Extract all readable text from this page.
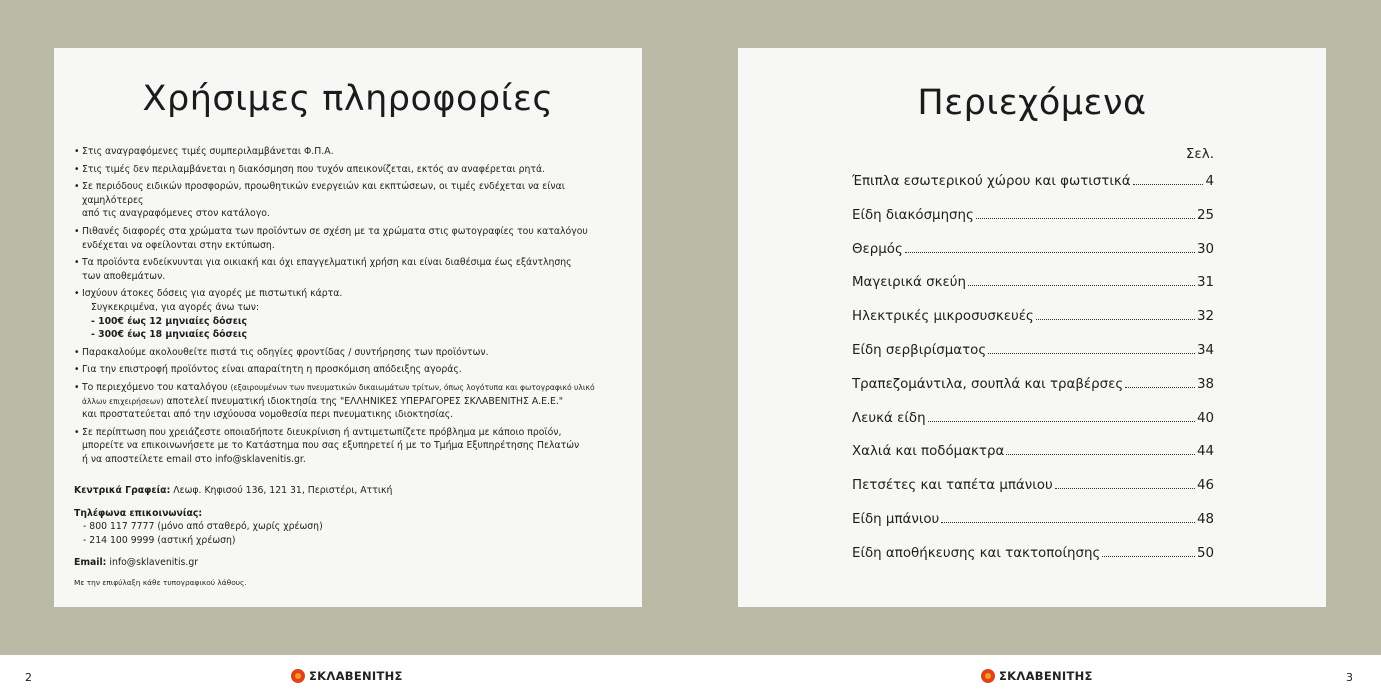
Χρήσιμες πληροφορίες

• Στις αναγραφόμενες τιμές συμπεριλαμβάνεται Φ.Π.Α.

• Στις τιμές δεν περιλαμβάνεται η διακόσμηση που τυχόν απεικονίζεται, εκτός αν αναφέρεται ρητά.

• Σε περιόδους ειδικών προσφορών, προωθητικών ενεργειών και εκπτώσεων, οι τιμές ενδέχεται να είναι χαμηλότερες

από τις αναγραφόμενες στον κατάλογο.

• Πιθανές διαφορές στα χρώματα των προϊόντων σε σχέση με τα χρώματα στις φωτογραφίες του καταλόγου

ενδέχεται να οφείλονται στην εκτύπωση.

• Τα προϊόντα ενδείκνυνται για οικιακή και όχι επαγγελματική χρήση και είναι διαθέσιμα έως εξάντλησης

των αποθεμάτων.

• Ισχύουν άτοκες δόσεις για αγορές με πιστωτική κάρτα.

Συγκεκριμένα, για αγορές άνω των:

- 100€ έως 12 μηνιαίες δόσεις

- 300€ έως 18 μηνιαίες δόσεις

• Παρακαλούμε ακολουθείτε πιστά τις οδηγίες φροντίδας / συντήρησης των προϊόντων.

• Για την επιστροφή προϊόντος είναι απαραίτητη η προσκόμιση απόδειξης αγοράς.

• Το περιεχόμενο του καταλόγου (εξαιρουμένων των πνευματικών δικαιωμάτων τρίτων, όπως λογότυπα και φωτογραφικό υλικό

άλλων επιχειρήσεων) αποτελεί πνευματική ιδιοκτησία της "ΕΛΛΗΝΙΚΕΣ ΥΠΕΡΑΓΟΡΕΣ ΣΚΛΑΒΕΝΙΤΗΣ Α.Ε.Ε."

και προστατεύεται από την ισχύουσα νομοθεσία περι πνευματικης ιδιοκτησίας.

• Σε περίπτωση που χρειάζεστε οποιαδήποτε διευκρίνιση ή αντιμετωπίζετε πρόβλημα με κάποιο προϊόν,

μπορείτε να επικοινωνήσετε με το Κατάστημα που σας εξυπηρετεί ή με το Τμήμα Εξυπηρέτησης Πελατών

ή να αποστείλετε email στο info@sklavenitis.gr.

Κεντρικά Γραφεία: Λεωφ. Κηφισού 136, 121 31, Περιστέρι, Αττική

Τηλέφωνα επικοινωνίας:

- 800 117 7777 (μόνο από σταθερό, χωρίς χρέωση)

- 214 100 9999 (αστική χρέωση)

Email: info@sklavenitis.gr

Με την επιφύλαξη κάθε τυπογραφικού λάθους.
Περιεχόμενα
Σελ.
Έπιπλα εσωτερικού χώρου και φωτιστικά	4
Είδη διακόσμησης	25
Θερμός	30
Μαγειρικά σκεύη	31
Ηλεκτρικές μικροσυσκευές	32
Είδη σερβιρίσματος	34
Τραπεζομάντιλα, σουπλά και τραβέρσες	38
Λευκά είδη	40
Χαλιά και ποδόμακτρα	44
Πετσέτες και ταπέτα μπάνιου	46
Είδη μπάνιου	48
Είδη αποθήκευσης και τακτοποίησης	50
2	ΣΚΛΑΒΕΝΙΤΗΣ	ΣΚΛΑΒΕΝΙΤΗΣ	3
